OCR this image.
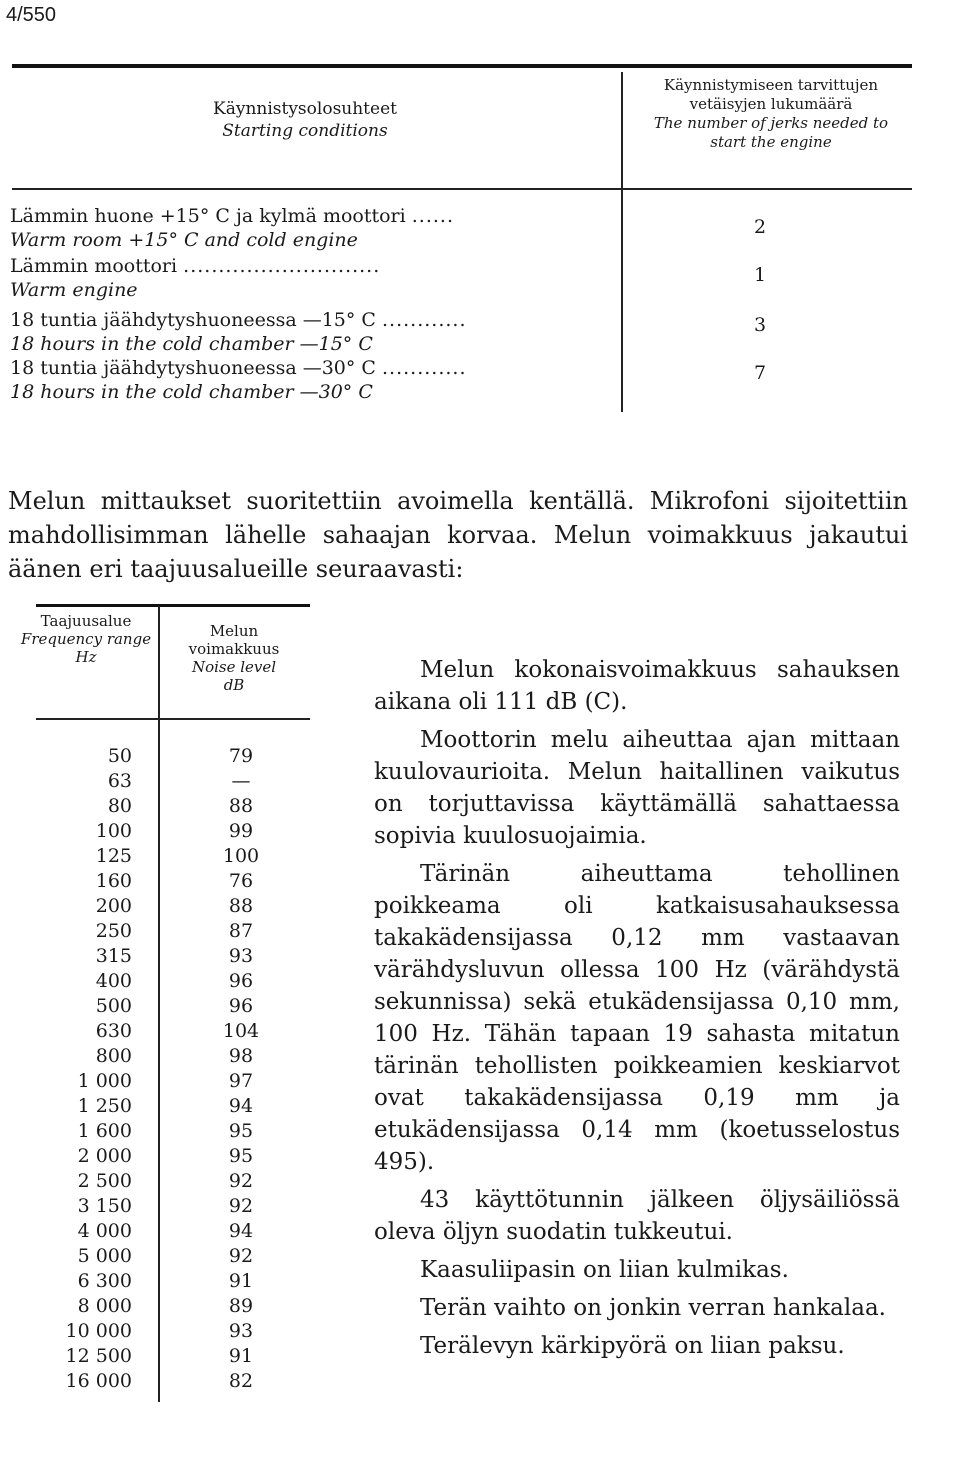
4/550
Käynnistysolosuhteet
Starting conditions
Käynnistymiseen tarvittujen vetäisyjen lukumäärä
The number of jerks needed to start the engine
Lämmin huone +15° C ja kylmä moottori ......
Warm room +15° C and cold engine
2
Lämmin moottori ............................
Warm engine
1
18 tuntia jäähdytyshuoneessa —15° C ............
18 hours in the cold chamber —15° C
3
18 tuntia jäähdytyshuoneessa —30° C ............
18 hours in the cold chamber —30° C
7
Melun mittaukset suoritettiin avoimella kentällä. Mikrofoni sijoitettiin mahdollisimman lähelle sahaajan korvaa. Melun voimakkuus jakautui äänen eri taajuusalueille seuraavasti:
Taajuusalue
Frequency range
Hz
Melun voimakkuus
Noise level
dB
50
63
80
100
125
160
200
250
315
400
500
630
800
1 000
1 250
1 600
2 000
2 500
3 150
4 000
5 000
6 300
8 000
10 000
12 500
16 000
79
—
88
99
100
76
88
87
93
96
96
104
98
97
94
95
95
92
92
94
92
91
89
93
91
82

Melun kokonaisvoimakkuus sahauksen aikana oli 111 dB (C).

Moottorin melu aiheuttaa ajan mittaan kuulovaurioita. Melun haitallinen vaikutus on torjuttavissa käyttämällä sahattaessa sopivia kuulosuojaimia.

Tärinän aiheuttama tehollinen poikkeama oli katkaisusahauksessa takakädensijassa 0,12 mm vastaavan värähdysluvun ollessa 100 Hz (värähdystä sekunnissa) sekä etukädensijassa 0,10 mm, 100 Hz. Tähän tapaan 19 sahasta mitatun tärinän tehollisten poikkeamien keskiarvot ovat takakädensijassa 0,19 mm ja etukädensijassa 0,14 mm (koetusselostus 495).

43 käyttötunnin jälkeen öljysäiliössä oleva öljyn suodatin tukkeutui.

Kaasuliipasin on liian kulmikas.

Terän vaihto on jonkin verran hankalaa.

Terälevyn kärkipyörä on liian paksu.
